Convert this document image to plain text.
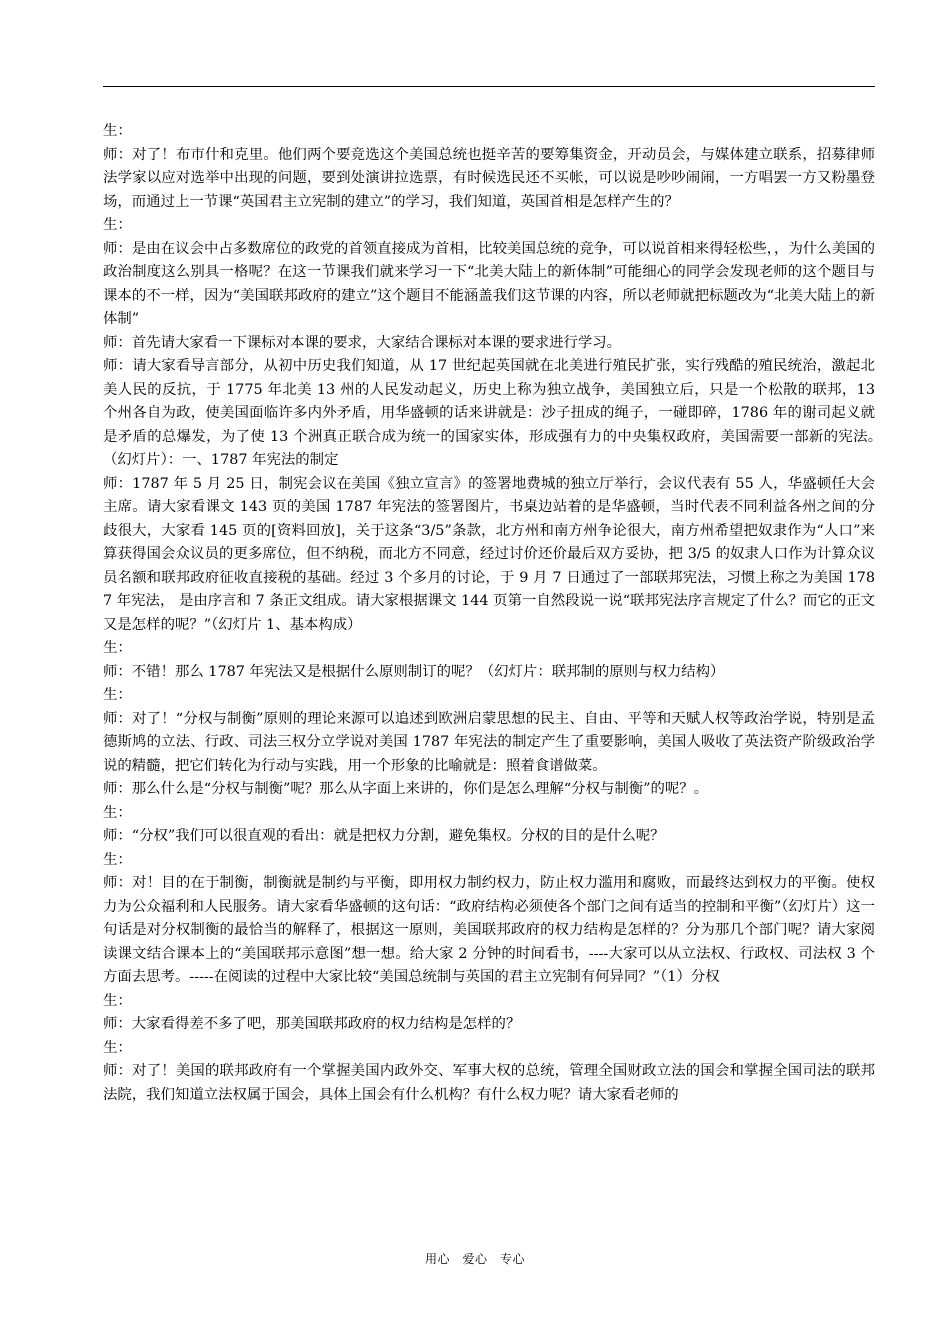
生：

师：对了！布市什和克里。他们两个要竞选这个美国总统也挺辛苦的要筹集资金，开动员会，与媒体建立联系，招募律师法学家以应对选举中出现的问题，要到处演讲拉选票，有时候选民还不买帐，可以说是吵吵闹闹，一方唱罢一方又粉墨登场，而通过上一节课“英国君主立宪制的建立”的学习，我们知道，英国首相是怎样产生的？

生：

师：是由在议会中占多数席位的政党的首领直接成为首相，比较美国总统的竞争，可以说首相来得轻松些，，为什么美国的政治制度这么别具一格呢？在这一节课我们就来学习一下“北美大陆上的新体制”可能细心的同学会发现老师的这个题目与课本的不一样，因为“美国联邦政府的建立”这个题目不能涵盖我们这节课的内容，所以老师就把标题改为“北美大陆上的新体制”

师：首先请大家看一下课标对本课的要求，大家结合课标对本课的要求进行学习。

师：请大家看导言部分，从初中历史我们知道，从 17 世纪起英国就在北美进行殖民扩张，实行残酷的殖民统治，激起北美人民的反抗，于 1775 年北美 13 州的人民发动起义，历史上称为独立战争，美国独立后，只是一个松散的联邦，13 个州各自为政，使美国面临许多内外矛盾，用华盛顿的话来讲就是：沙子扭成的绳子，一碰即碎，1786 年的谢司起义就是矛盾的总爆发，为了使 13 个洲真正联合成为统一的国家实体，形成强有力的中央集权政府，美国需要一部新的宪法。　　　（幻灯片）：一、1787 年宪法的制定

师：1787 年 5 月 25 日，制宪会议在美国《独立宣言》的签署地费城的独立厅举行，会议代表有 55 人，华盛顿任大会主席。请大家看课文 143 页的美国 1787 年宪法的签署图片，书桌边站着的是华盛顿，当时代表不同利益各州之间的分歧很大，大家看 145 页的[资料回放]，关于这条“3/5”条款，北方州和南方州争论很大，南方州希望把奴隶作为“人口”来算获得国会众议员的更多席位，但不纳税，而北方不同意，经过讨价还价最后双方妥协，把 3/5 的奴隶人口作为计算众议员名额和联邦政府征收直接税的基础。经过 3 个多月的讨论，于 9 月 7 日通过了一部联邦宪法，习惯上称之为美国 1787 年宪法， 是由序言和 7 条正文组成。请大家根据课文 144 页第一自然段说一说“联邦宪法序言规定了什么？而它的正文又是怎样的呢？”（幻灯片 1、基本构成）

生：

师：不错！那么 1787 年宪法又是根据什么原则制订的呢？（幻灯片：联邦制的原则与权力结构）

生：

师：对了！“分权与制衡”原则的理论来源可以追述到欧洲启蒙思想的民主、自由、平等和天赋人权等政治学说，特别是孟德斯鸠的立法、行政、司法三权分立学说对美国 1787 年宪法的制定产生了重要影响，美国人吸收了英法资产阶级政治学说的精髓，把它们转化为行动与实践，用一个形象的比喻就是：照着食谱做菜。

师：那么什么是“分权与制衡”呢？那么从字面上来讲的，你们是怎么理解“分权与制衡”的呢？。

生：

师：“分权”我们可以很直观的看出：就是把权力分割，避免集权。分权的目的是什么呢？

生：

师：对！目的在于制衡，制衡就是制约与平衡，即用权力制约权力，防止权力滥用和腐败，而最终达到权力的平衡。使权力为公众福利和人民服务。请大家看华盛顿的这句话：“政府结构必须使各个部门之间有适当的控制和平衡”（幻灯片）这一句话是对分权制衡的最恰当的解释了，根据这一原则，美国联邦政府的权力结构是怎样的？分为那几个部门呢？请大家阅读课文结合课本上的“美国联邦示意图”想一想。给大家 2 分钟的时间看书，----大家可以从立法权、行政权、司法权 3 个方面去思考。-----在阅读的过程中大家比较“美国总统制与英国的君主立宪制有何异同？”（1）分权

生：

师：大家看得差不多了吧，那美国联邦政府的权力结构是怎样的？

生：

师：对了！美国的联邦政府有一个掌握美国内政外交、军事大权的总统，管理全国财政立法的国会和掌握全国司法的联邦法院，我们知道立法权属于国会，具体上国会有什么机构？有什么权力呢？请大家看老师的

用心　爱心　专心
